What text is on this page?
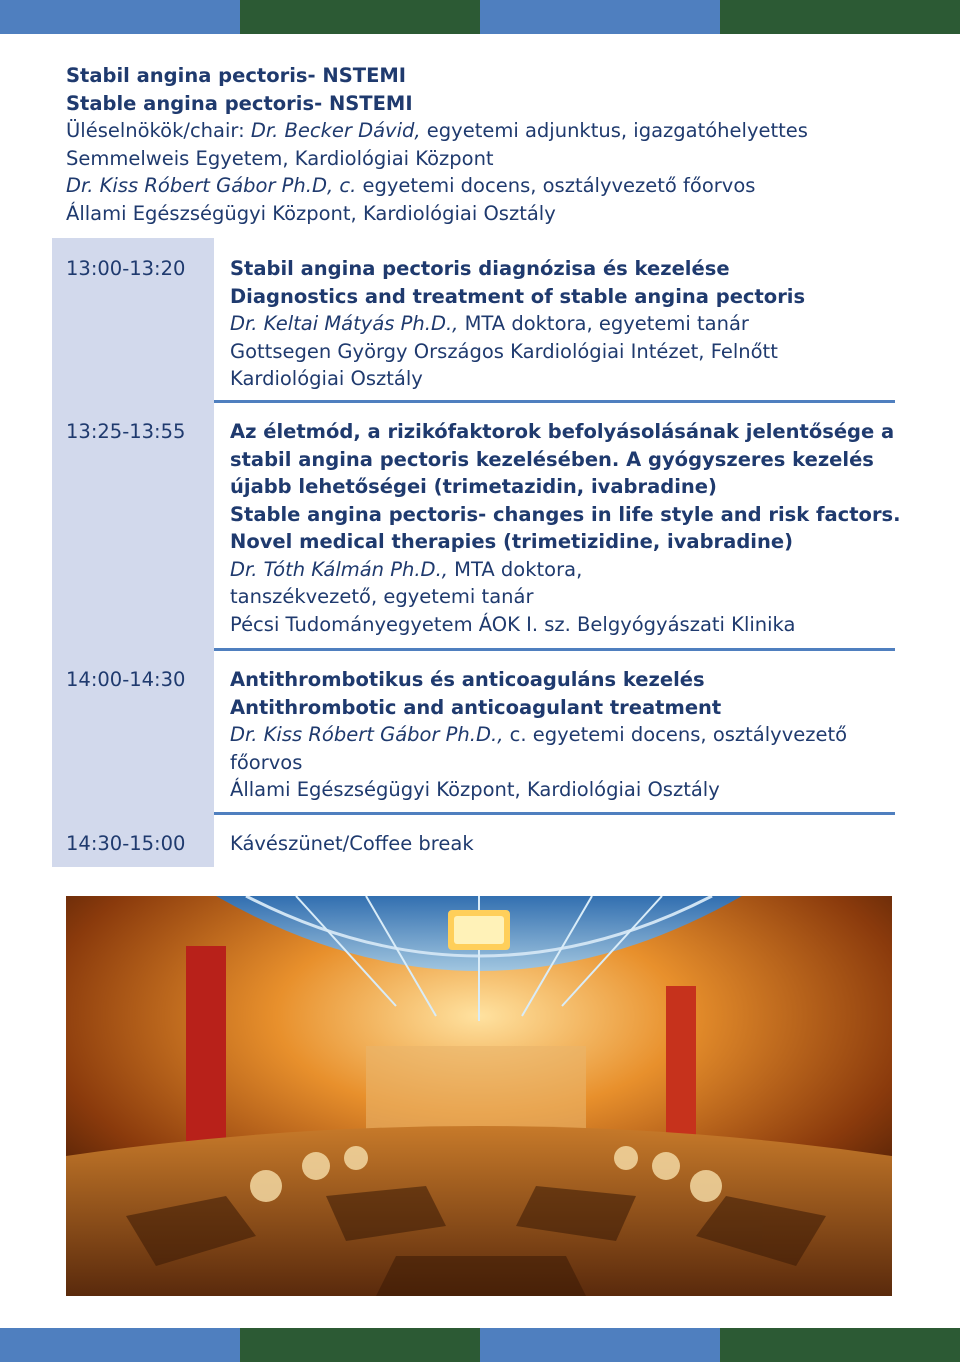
Stabil angina pectoris- NSTEMI
Stable angina pectoris- NSTEMI
Üléselnökök/chair: Dr. Becker Dávid, egyetemi adjunktus, igazgatóhelyettes
Semmelweis Egyetem, Kardiológiai Központ
Dr. Kiss Róbert Gábor Ph.D, c. egyetemi docens, osztályvezető főorvos
Állami Egészségügyi Központ, Kardiológiai Osztály
13:00-13:20 Stabil angina pectoris diagnózisa és kezelése
Diagnostics and treatment of stable angina pectoris
Dr. Keltai Mátyás Ph.D., MTA doktora, egyetemi tanár
Gottsegen György Országos Kardiológiai Intézet, Felnőtt
Kardiológiai Osztály
13:25-13:55 Az életmód, a rizikófaktorok befolyásolásának jelentősége a
stabil angina pectoris kezelésében. A gyógyszeres kezelés
újabb lehetőségei (trimetazidin, ivabradine)
Stable angina pectoris- changes in life style and risk factors.
Novel medical therapies (trimetizidine, ivabradine)
Dr. Tóth Kálmán Ph.D., MTA doktora,
tanszékvezető, egyetemi tanár
Pécsi Tudományegyetem ÁOK I. sz. Belgyógyászati Klinika
14:00-14:30 Antithrombotikus és anticoaguláns kezelés
Antithrombotic and anticoagulant treatment
Dr. Kiss Róbert Gábor Ph.D., c. egyetemi docens, osztályvezető
főorvos
Állami Egészségügyi Központ, Kardiológiai Osztály
14:30-15:00 Kávészünet/Coffee break
